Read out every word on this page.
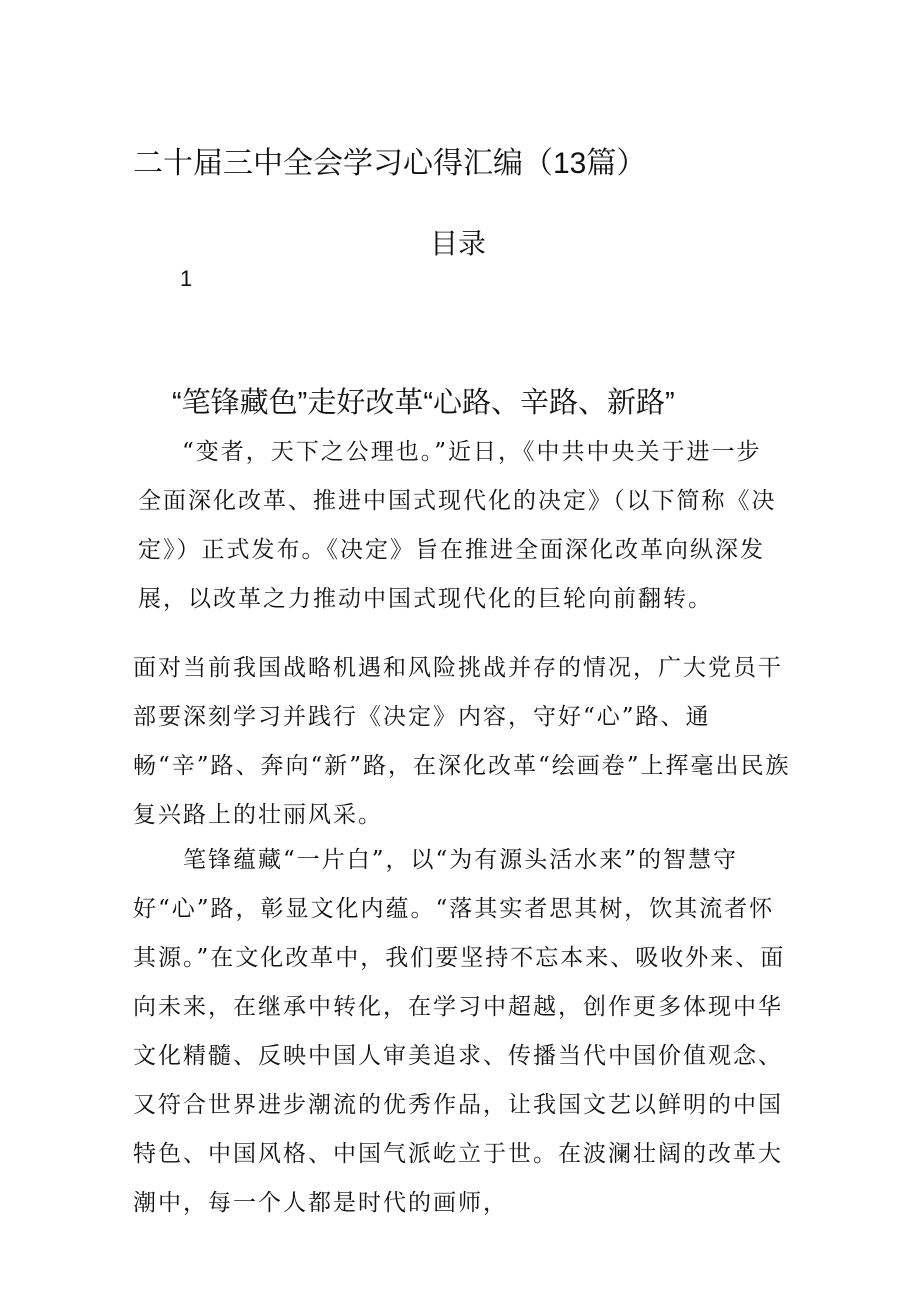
二十届三中全会学习心得汇编（13篇）
目录
1
“笔锋藏色”走好改革“心路、辛路、新路”
“变者，天下之公理也。”近日，《中共中央关于进一步全面深化改革、推进中国式现代化的决定》（以下简称《决定》）正式发布。《决定》旨在推进全面深化改革向纵深发展，以改革之力推动中国式现代化的巨轮向前翻转。
面对当前我国战略机遇和风险挑战并存的情况，广大党员干部要深刻学习并践行《决定》内容，守好“心”路、通畅“辛”路、奔向“新”路，在深化改革“绘画卷”上挥毫出民族复兴路上的壮丽风采。
笔锋蕴藏“一片白”，以“为有源头活水来”的智慧守好“心”路，彰显文化内蕴。“落其实者思其树，饮其流者怀其源。”在文化改革中，我们要坚持不忘本来、吸收外来、面向未来，在继承中转化，在学习中超越，创作更多体现中华文化精髓、反映中国人审美追求、传播当代中国价值观念、又符合世界进步潮流的优秀作品，让我国文艺以鲜明的中国特色、中国风格、中国气派屹立于世。在波澜壮阔的改革大潮中，每一个人都是时代的画师，
